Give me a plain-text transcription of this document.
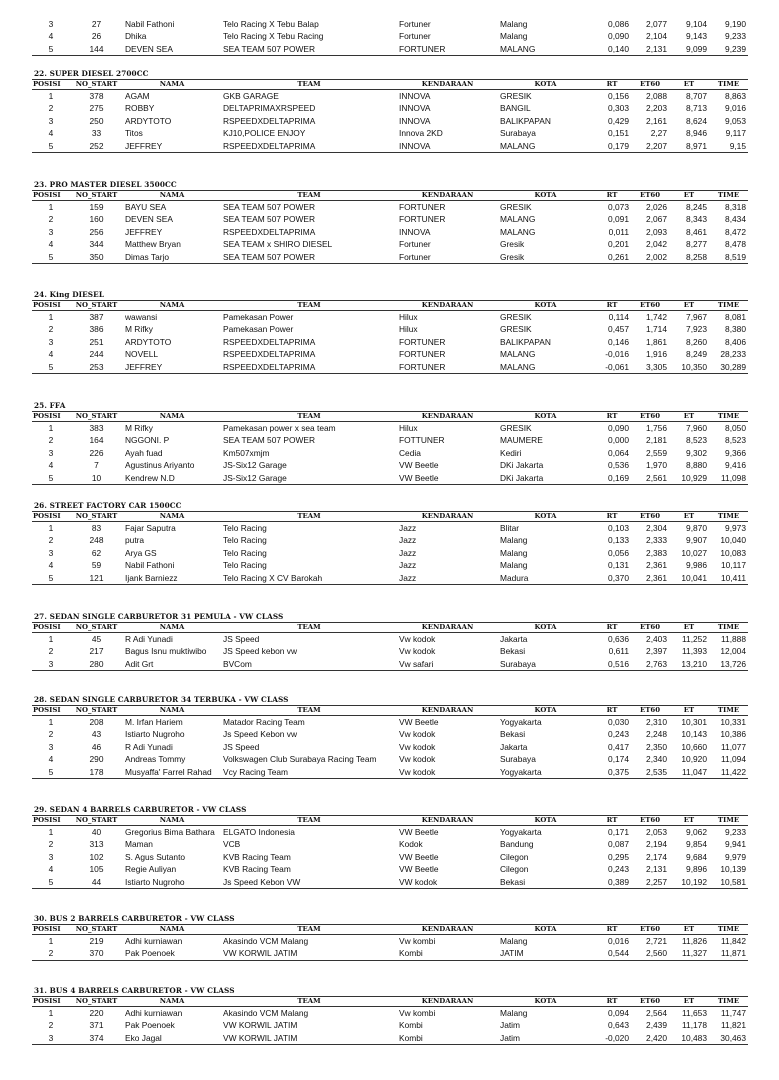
3	27	Nabil Fathoni	Telo Racing X Tebu Balap	Fortuner	Malang	0,086	2,077	9,104	9,190
4	26	Dhika	Telo Racing X Tebu Racing	Fortuner	Malang	0,090	2,104	9,143	9,233
5	144	DEVEN SEA	SEA TEAM 507 POWER	FORTUNER	MALANG	0,140	2,131	9,099	9,239
22. SUPER DIESEL 2700CC
POSISI	NO_START	NAMA	TEAM	KENDARAAN	KOTA	RT	ET60	ET	TIME
1	378	AGAM	GKB GARAGE	INNOVA	GRESIK	0,156	2,088	8,707	8,863
2	275	ROBBY	DELTAPRIMAXRSPEED	INNOVA	BANGIL	0,303	2,203	8,713	9,016
3	250	ARDYTOTO	RSPEEDXDELTAPRIMA	INNOVA	BALIKPAPAN	0,429	2,161	8,624	9,053
4	33	Titos	KJ10,POLICE ENJOY	Innova 2KD	Surabaya	0,151	2,27	8,946	9,117
5	252	JEFFREY	RSPEEDXDELTAPRIMA	INNOVA	MALANG	0,179	2,207	8,971	9,15
23. PRO MASTER DIESEL 3500CC
POSISI	NO_START	NAMA	TEAM	KENDARAAN	KOTA	RT	ET60	ET	TIME
1	159	BAYU SEA	SEA TEAM 507 POWER	FORTUNER	GRESIK	0,073	2,026	8,245	8,318
2	160	DEVEN SEA	SEA TEAM 507 POWER	FORTUNER	MALANG	0,091	2,067	8,343	8,434
3	256	JEFFREY	RSPEEDXDELTAPRIMA	INNOVA	MALANG	0,011	2,093	8,461	8,472
4	344	Matthew Bryan	SEA TEAM x SHIRO DIESEL	Fortuner	Gresik	0,201	2,042	8,277	8,478
5	350	Dimas Tarjo	SEA TEAM 507 POWER	Fortuner	Gresik	0,261	2,002	8,258	8,519
24. King DIESEL
POSISI	NO_START	NAMA	TEAM	KENDARAAN	KOTA	RT	ET60	ET	TIME
1	387	wawansi	Pamekasan Power	Hilux	GRESIK	0,114	1,742	7,967	8,081
2	386	M Rifky	Pamekasan Power	Hilux	GRESIK	0,457	1,714	7,923	8,380
3	251	ARDYTOTO	RSPEEDXDELTAPRIMA	FORTUNER	BALIKPAPAN	0,146	1,861	8,260	8,406
4	244	NOVELL	RSPEEDXDELTAPRIMA	FORTUNER	MALANG	-0,016	1,916	8,249	28,233
5	253	JEFFREY	RSPEEDXDELTAPRIMA	FORTUNER	MALANG	-0,061	3,305	10,350	30,289
25. FFA
POSISI	NO_START	NAMA	TEAM	KENDARAAN	KOTA	RT	ET60	ET	TIME
1	383	M Rifky	Pamekasan power x sea team	Hilux	GRESIK	0,090	1,756	7,960	8,050
2	164	NGGONI. P	SEA TEAM 507 POWER	FOTTUNER	MAUMERE	0,000	2,181	8,523	8,523
3	226	Ayah fuad	Km507xmjm	Cedia	Kediri	0,064	2,559	9,302	9,366
4	7	Agustinus Ariyanto	JS-Six12 Garage	VW Beetle	DKi Jakarta	0,536	1,970	8,880	9,416
5	10	Kendrew N.D	JS-Six12 Garage	VW Beetle	DKi Jakarta	0,169	2,561	10,929	11,098
26. STREET FACTORY CAR 1500CC
POSISI	NO_START	NAMA	TEAM	KENDARAAN	KOTA	RT	ET60	ET	TIME
1	83	Fajar Saputra	Telo Racing	Jazz	Blitar	0,103	2,304	9,870	9,973
2	248	putra	Telo Racing	Jazz	Malang	0,133	2,333	9,907	10,040
3	62	Arya GS	Telo Racing	Jazz	Malang	0,056	2,383	10,027	10,083
4	59	Nabil Fathoni	Telo Racing	Jazz	Malang	0,131	2,361	9,986	10,117
5	121	Ijank Barniezz	Telo Racing X CV Barokah	Jazz	Madura	0,370	2,361	10,041	10,411
27. SEDAN SINGLE CARBURETOR 31 PEMULA - VW CLASS
POSISI	NO_START	NAMA	TEAM	KENDARAAN	KOTA	RT	ET60	ET	TIME
1	45	R Adi Yunadi	JS Speed	Vw kodok	Jakarta	0,636	2,403	11,252	11,888
2	217	Bagus Isnu muktiwibo	JS Speed kebon vw	Vw kodok	Bekasi	0,611	2,397	11,393	12,004
3	280	Adit Grt	BVCom	Vw safari	Surabaya	0,516	2,763	13,210	13,726
28. SEDAN SINGLE CARBURETOR 34 TERBUKA - VW CLASS
POSISI	NO_START	NAMA	TEAM	KENDARAAN	KOTA	RT	ET60	ET	TIME
1	208	M. Irfan Hariem	Matador Racing Team	VW Beetle	Yogyakarta	0,030	2,310	10,301	10,331
2	43	Istiarto Nugroho	Js Speed Kebon vw	Vw kodok	Bekasi	0,243	2,248	10,143	10,386
3	46	R Adi Yunadi	JS Speed	Vw kodok	Jakarta	0,417	2,350	10,660	11,077
4	290	Andreas Tommy	Volkswagen Club Surabaya Racing Team	Vw kodok	Surabaya	0,174	2,340	10,920	11,094
5	178	Musyaffa' Farrel Rahad	Vcy Racing Team	Vw kodok	Yogyakarta	0,375	2,535	11,047	11,422
29. SEDAN 4 BARRELS CARBURETOR - VW CLASS
POSISI	NO_START	NAMA	TEAM	KENDARAAN	KOTA	RT	ET60	ET	TIME
1	40	Gregorius Bima Bathara	ELGATO Indonesia	VW Beetle	Yogyakarta	0,171	2,053	9,062	9,233
2	313	Maman	VCB	Kodok	Bandung	0,087	2,194	9,854	9,941
3	102	S. Agus Sutanto	KVB Racing Team	VW Beetle	Cilegon	0,295	2,174	9,684	9,979
4	105	Regie Auliyan	KVB Racing Team	VW Beetle	Cilegon	0,243	2,131	9,896	10,139
5	44	Istiarto Nugroho	Js Speed Kebon VW	VW kodok	Bekasi	0,389	2,257	10,192	10,581
30. BUS 2 BARRELS CARBURETOR - VW CLASS
POSISI	NO_START	NAMA	TEAM	KENDARAAN	KOTA	RT	ET60	ET	TIME
1	219	Adhi kurniawan	Akasindo VCM Malang	Vw kombi	Malang	0,016	2,721	11,826	11,842
2	370	Pak Poenoek	VW KORWIL JATIM	Kombi	JATIM	0,544	2,560	11,327	11,871
31. BUS 4 BARRELS CARBURETOR - VW CLASS
POSISI	NO_START	NAMA	TEAM	KENDARAAN	KOTA	RT	ET60	ET	TIME
1	220	Adhi kurniawan	Akasindo VCM Malang	Vw kombi	Malang	0,094	2,564	11,653	11,747
2	371	Pak Poenoek	VW KORWIL JATIM	Kombi	Jatim	0,643	2,439	11,178	11,821
3	374	Eko Jagal	VW KORWIL JATIM	Kombi	Jatim	-0,020	2,420	10,483	30,463
